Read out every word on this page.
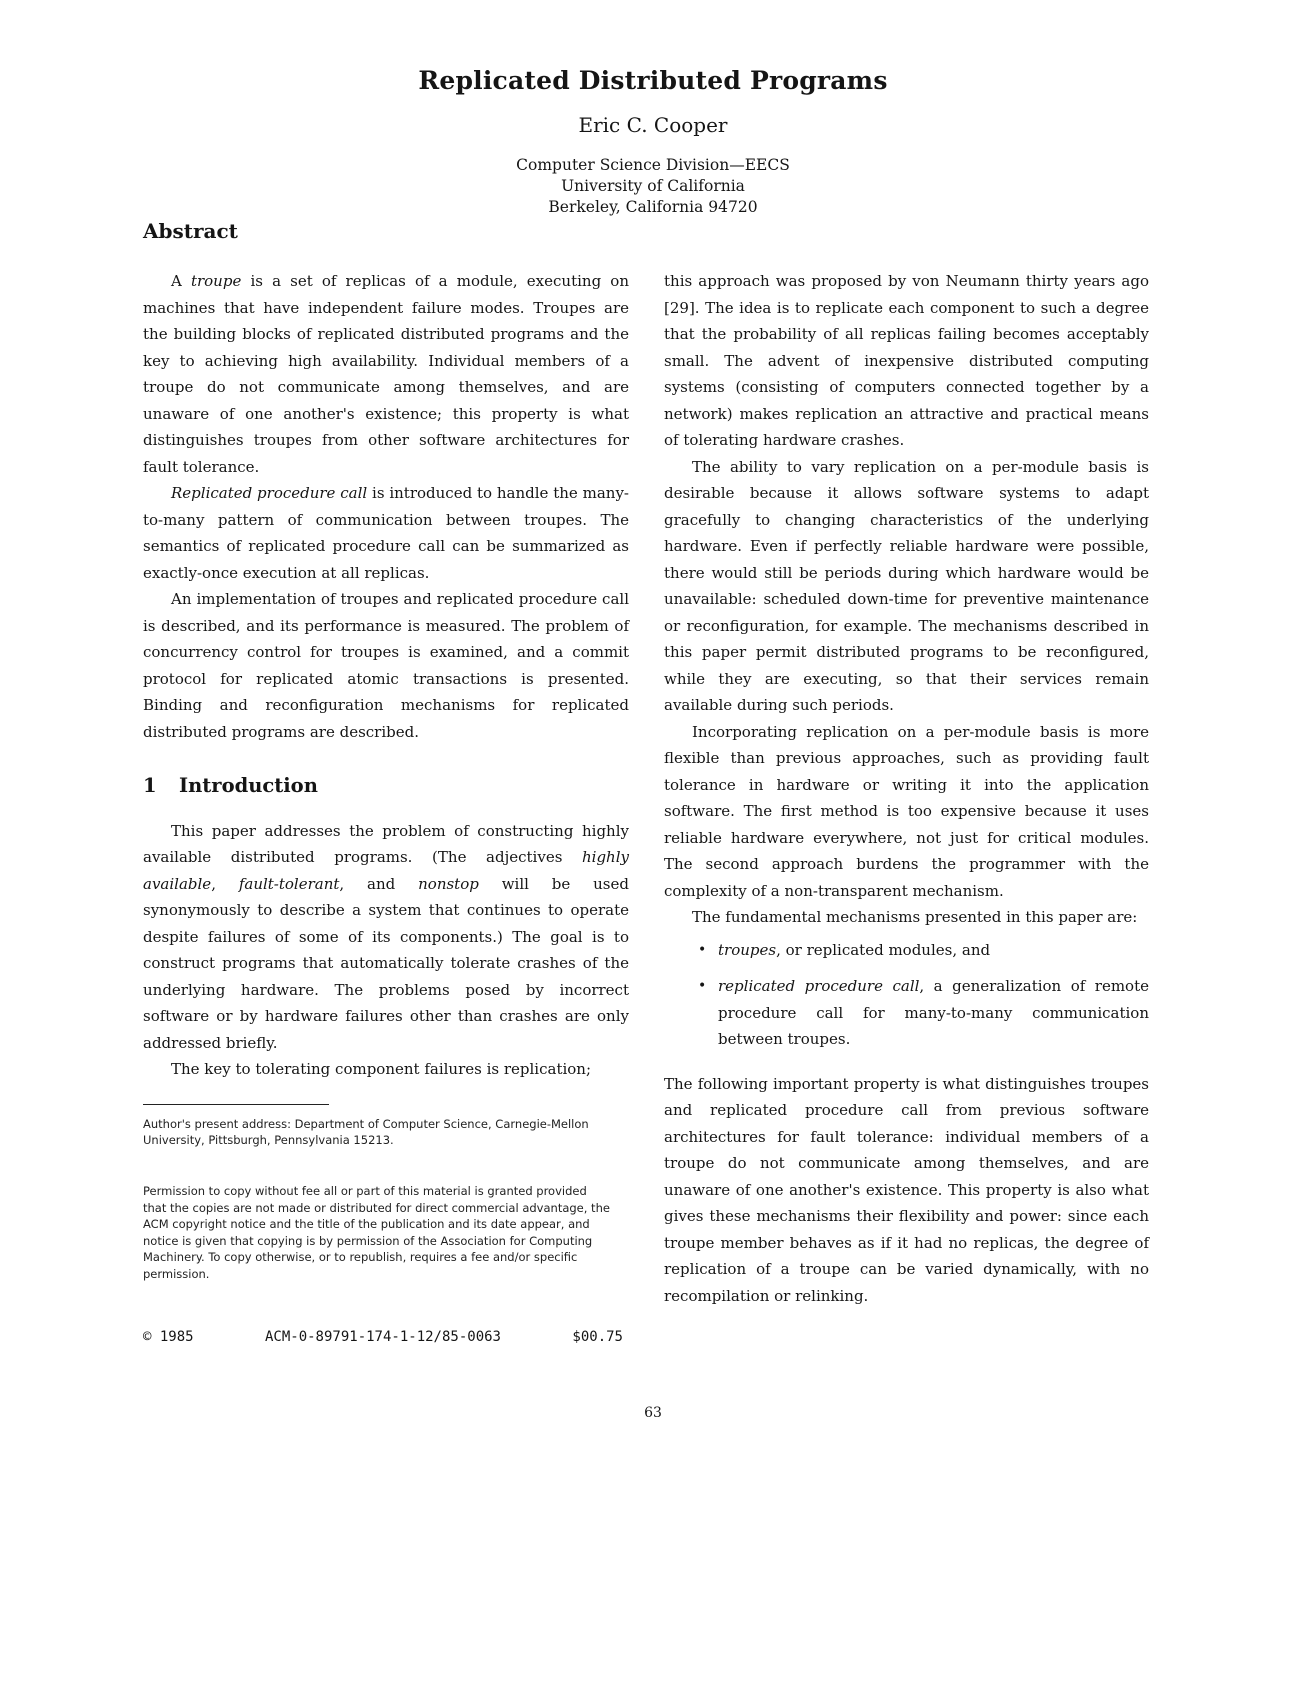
Replicated Distributed Programs
Eric C. Cooper
Computer Science Division—EECS
University of California
Berkeley, California 94720
Abstract

A troupe is a set of replicas of a module, executing on machines that have independent failure modes. Troupes are the building blocks of replicated distributed programs and the key to achieving high availability. Individual members of a troupe do not communicate among themselves, and are unaware of one another's existence; this property is what distinguishes troupes from other software architectures for fault tolerance.

Replicated procedure call is introduced to handle the many-to-many pattern of communication between troupes. The semantics of replicated procedure call can be summarized as exactly-once execution at all replicas.

An implementation of troupes and replicated procedure call is described, and its performance is measured. The problem of concurrency control for troupes is examined, and a commit protocol for replicated atomic transactions is presented. Binding and reconfiguration mechanisms for replicated distributed programs are described.

1 Introduction

This paper addresses the problem of constructing highly available distributed programs. (The adjectives highly available, fault-tolerant, and nonstop will be used synonymously to describe a system that continues to operate despite failures of some of its components.) The goal is to construct programs that automatically tolerate crashes of the underlying hardware. The problems posed by incorrect software or by hardware failures other than crashes are only addressed briefly.

The key to tolerating component failures is replication;

Author's present address: Department of Computer Science, Carnegie-Mellon University, Pittsburgh, Pennsylvania 15213.
Permission to copy without fee all or part of this material is granted provided that the copies are not made or distributed for direct commercial advantage, the ACM copyright notice and the title of the publication and its date appear, and notice is given that copying is by permission of the Association for Computing Machinery. To copy otherwise, or to republish, requires a fee and/or specific permission.
© 1985	ACM-0-89791-174-1-12/85-0063	$00.75

this approach was proposed by von Neumann thirty years ago [29]. The idea is to replicate each component to such a degree that the probability of all replicas failing becomes acceptably small. The advent of inexpensive distributed computing systems (consisting of computers connected together by a network) makes replication an attractive and practical means of tolerating hardware crashes.

The ability to vary replication on a per-module basis is desirable because it allows software systems to adapt gracefully to changing characteristics of the underlying hardware. Even if perfectly reliable hardware were possible, there would still be periods during which hardware would be unavailable: scheduled down-time for preventive maintenance or reconfiguration, for example. The mechanisms described in this paper permit distributed programs to be reconfigured, while they are executing, so that their services remain available during such periods.

Incorporating replication on a per-module basis is more flexible than previous approaches, such as providing fault tolerance in hardware or writing it into the application software. The first method is too expensive because it uses reliable hardware everywhere, not just for critical modules. The second approach burdens the programmer with the complexity of a non-transparent mechanism.

The fundamental mechanisms presented in this paper are:

• troupes, or replicated modules, and
• replicated procedure call, a generalization of remote procedure call for many-to-many communication between troupes.

The following important property is what distinguishes troupes and replicated procedure call from previous software architectures for fault tolerance: individual members of a troupe do not communicate among themselves, and are unaware of one another's existence. This property is also what gives these mechanisms their flexibility and power: since each troupe member behaves as if it had no replicas, the degree of replication of a troupe can be varied dynamically, with no recompilation or relinking.

63
